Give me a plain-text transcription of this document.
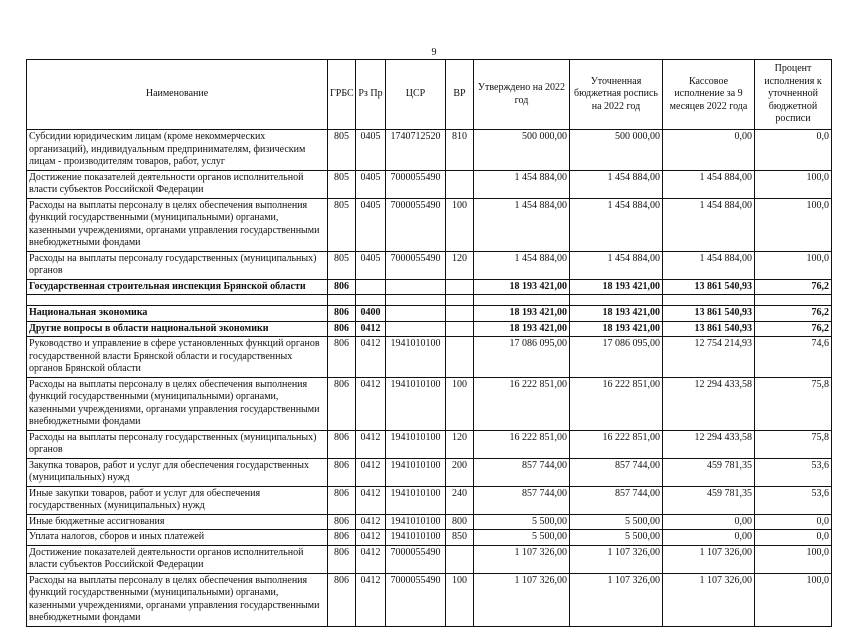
9
Наименование	ГРБС	Рз Пр	ЦСР	ВР	Утверждено на 2022 год	Уточненная бюджетная роспись на 2022 год	Кассовое исполнение за 9 месяцев 2022 года	Процент исполнения к уточненной бюджетной росписи
Субсидии юридическим лицам (кроме некоммерческих организаций), индивидуальным предпринимателям, физическим лицам - производителям товаров, работ, услуг	805	0405	1740712520	810	500 000,00	500 000,00	0,00	0,0
Достижение показателей деятельности органов исполнительной власти субъектов Российской Федерации	805	0405	7000055490		1 454 884,00	1 454 884,00	1 454 884,00	100,0
Расходы на выплаты персоналу в целях обеспечения выполнения функций государственными (муниципальными) органами, казенными учреждениями, органами управления государственными внебюджетными фондами	805	0405	7000055490	100	1 454 884,00	1 454 884,00	1 454 884,00	100,0
Расходы на выплаты персоналу государственных (муниципальных) органов	805	0405	7000055490	120	1 454 884,00	1 454 884,00	1 454 884,00	100,0
Государственная строительная инспекция Брянской области	806				18 193 421,00	18 193 421,00	13 861 540,93	76,2

Национальная экономика	806	0400			18 193 421,00	18 193 421,00	13 861 540,93	76,2
Другие вопросы в области национальной экономики	806	0412			18 193 421,00	18 193 421,00	13 861 540,93	76,2
Руководство и управление в сфере установленных функций органов государственной власти Брянской области и государственных органов Брянской области	806	0412	1941010100		17 086 095,00	17 086 095,00	12 754 214,93	74,6
Расходы на выплаты персоналу в целях обеспечения выполнения функций государственными (муниципальными) органами, казенными учреждениями, органами управления государственными внебюджетными фондами	806	0412	1941010100	100	16 222 851,00	16 222 851,00	12 294 433,58	75,8
Расходы на выплаты персоналу государственных (муниципальных) органов	806	0412	1941010100	120	16 222 851,00	16 222 851,00	12 294 433,58	75,8
Закупка товаров, работ и услуг для обеспечения государственных (муниципальных) нужд	806	0412	1941010100	200	857 744,00	857 744,00	459 781,35	53,6
Иные закупки товаров, работ и услуг для обеспечения государственных (муниципальных) нужд	806	0412	1941010100	240	857 744,00	857 744,00	459 781,35	53,6
Иные бюджетные ассигнования	806	0412	1941010100	800	5 500,00	5 500,00	0,00	0,0
Уплата налогов, сборов и иных платежей	806	0412	1941010100	850	5 500,00	5 500,00	0,00	0,0
Достижение показателей деятельности органов исполнительной власти субъектов Российской Федерации	806	0412	7000055490		1 107 326,00	1 107 326,00	1 107 326,00	100,0
Расходы на выплаты персоналу в целях обеспечения выполнения функций государственными (муниципальными) органами, казенными учреждениями, органами управления государственными внебюджетными фондами	806	0412	7000055490	100	1 107 326,00	1 107 326,00	1 107 326,00	100,0
